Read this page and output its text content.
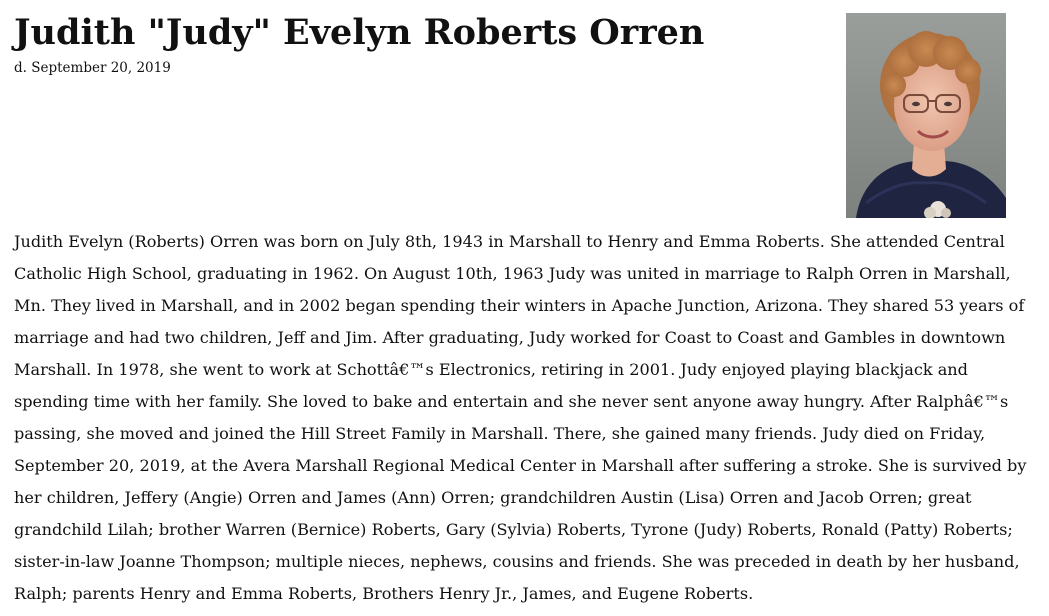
Judith "Judy" Evelyn Roberts Orren
d. September 20, 2019

Judith Evelyn (Roberts) Orren was born on July 8th, 1943 in Marshall to Henry and Emma Roberts. She attended Central Catholic High School, graduating in 1962. On August 10th, 1963 Judy was united in marriage to Ralph Orren in Marshall, Mn. They lived in Marshall, and in 2002 began spending their winters in Apache Junction, Arizona. They shared 53 years of marriage and had two children, Jeff and Jim. After graduating, Judy worked for Coast to Coast and Gambles in downtown Marshall. In 1978, she went to work at Schottâ€™s Electronics, retiring in 2001. Judy enjoyed playing blackjack and spending time with her family. She loved to bake and entertain and she never sent anyone away hungry. After Ralphâ€™s passing, she moved and joined the Hill Street Family in Marshall. There, she gained many friends. Judy died on Friday, September 20, 2019, at the Avera Marshall Regional Medical Center in Marshall after suffering a stroke. She is survived by her children, Jeffery (Angie) Orren and James (Ann) Orren; grandchildren Austin (Lisa) Orren and Jacob Orren; great grandchild Lilah; brother Warren (Bernice) Roberts, Gary (Sylvia) Roberts, Tyrone (Judy) Roberts, Ronald (Patty) Roberts; sister-in-law Joanne Thompson; multiple nieces, nephews, cousins and friends. She was preceded in death by her husband, Ralph; parents Henry and Emma Roberts, Brothers Henry Jr., James, and Eugene Roberts.
